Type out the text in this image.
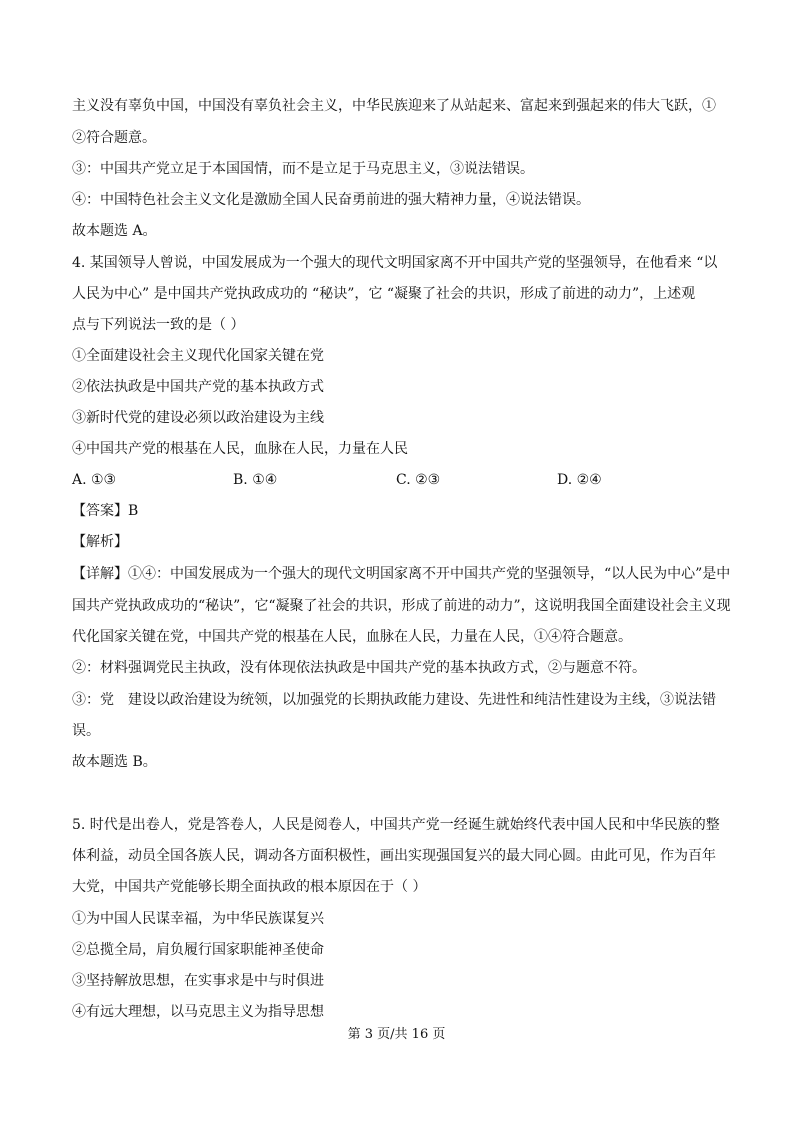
主义没有辜负中国，中国没有辜负社会主义，中华民族迎来了从站起来、富起来到强起来的伟大飞跃，①
②符合题意。
③：中国共产党立足于本国国情，而不是立足于马克思主义，③说法错误。
④：中国特色社会主义文化是激励全国人民奋勇前进的强大精神力量，④说法错误。
故本题选 A。
4. 某国领导人曾说，中国发展成为一个强大的现代文明国家离不开中国共产党的坚强领导，在他看来 “以
人民为中心” 是中国共产党执政成功的 “秘诀”，它 “凝聚了社会的共识，形成了前进的动力”，上述观
点与下列说法一致的是（ ）
①全面建设社会主义现代化国家关键在党
②依法执政是中国共产党的基本执政方式
③新时代党的建设必须以政治建设为主线
④中国共产党的根基在人民，血脉在人民，力量在人民
A. ①③	B. ①④	C. ②③	D. ②④
【答案】B
【解析】
【详解】①④：中国发展成为一个强大的现代文明国家离不开中国共产党的坚强领导，“以人民为中心”是中
国共产党执政成功的“秘诀”，它“凝聚了社会的共识，形成了前进的动力”，这说明我国全面建设社会主义现
代化国家关键在党，中国共产党的根基在人民，血脉在人民，力量在人民，①④符合题意。
②：材料强调党民主执政，没有体现依法执政是中国共产党的基本执政方式，②与题意不符。
③：党　建设以政治建设为统领，以加强党的长期执政能力建设、先进性和纯洁性建设为主线，③说法错
误。
故本题选 B。
5. 时代是出卷人，党是答卷人，人民是阅卷人，中国共产党一经诞生就始终代表中国人民和中华民族的整
体利益，动员全国各族人民，调动各方面积极性，画出实现强国复兴的最大同心圆。由此可见，作为百年
大党，中国共产党能够长期全面执政的根本原因在于（ ）
①为中国人民谋幸福，为中华民族谋复兴
②总揽全局，肩负履行国家职能神圣使命
③坚持解放思想，在实事求是中与时俱进
④有远大理想，以马克思主义为指导思想
第 3 页/共 16 页
